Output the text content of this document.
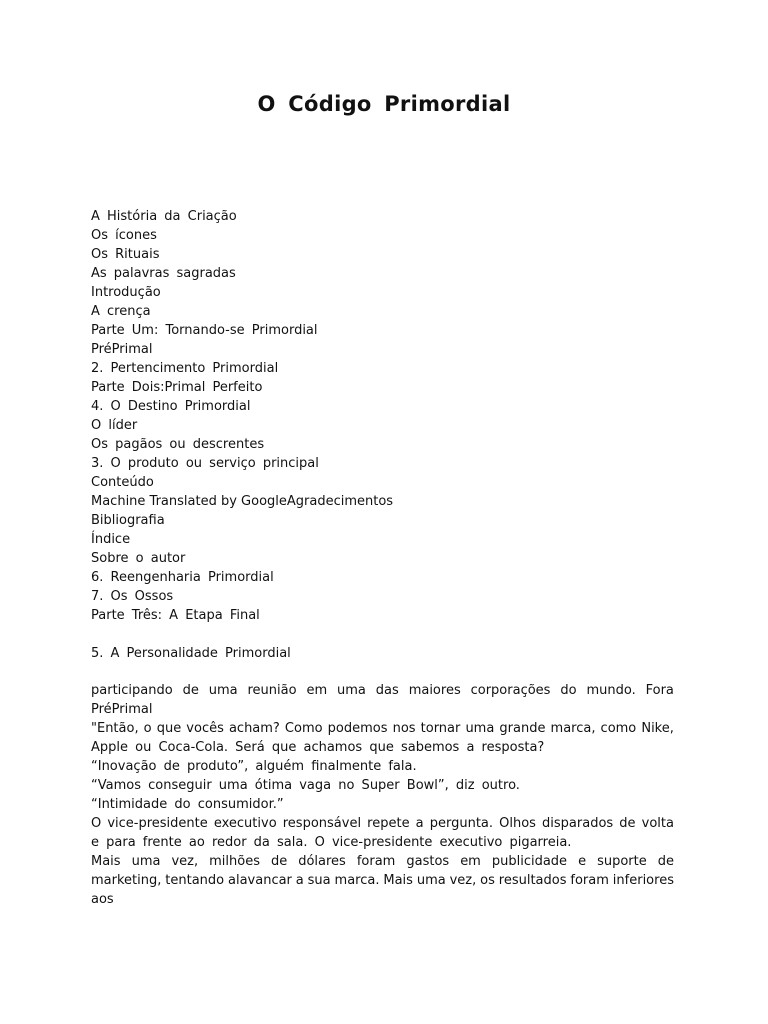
O Código Primordial
A História da Criação
Os ícones
Os Rituais
As palavras sagradas
Introdução
A crença
Parte Um: Tornando-se Primordial
PréPrimal
2. Pertencimento Primordial
Parte Dois:Primal Perfeito
4. O Destino Primordial
O líder
Os pagãos ou descrentes
3. O produto ou serviço principal
Conteúdo
Machine Translated by GoogleAgradecimentos
Bibliografia
Índice
Sobre o autor
6. Reengenharia Primordial
7. Os Ossos
Parte Três: A Etapa Final
5. A Personalidade Primordial
participando de uma reunião em uma das maiores corporações do mundo. Fora
PréPrimal
"Então, o que vocês acham? Como podemos nos tornar uma grande marca, como Nike,
Apple ou Coca-Cola. Será que achamos que sabemos a resposta?
“Inovação de produto”, alguém finalmente fala.
“Vamos conseguir uma ótima vaga no Super Bowl”, diz outro.
“Intimidade do consumidor.”
O vice-presidente executivo responsável repete a pergunta. Olhos disparados de volta
e para frente ao redor da sala. O vice-presidente executivo pigarreia.
Mais uma vez, milhões de dólares foram gastos em publicidade e suporte de
marketing, tentando alavancar a sua marca. Mais uma vez, os resultados foram inferiores
aos
